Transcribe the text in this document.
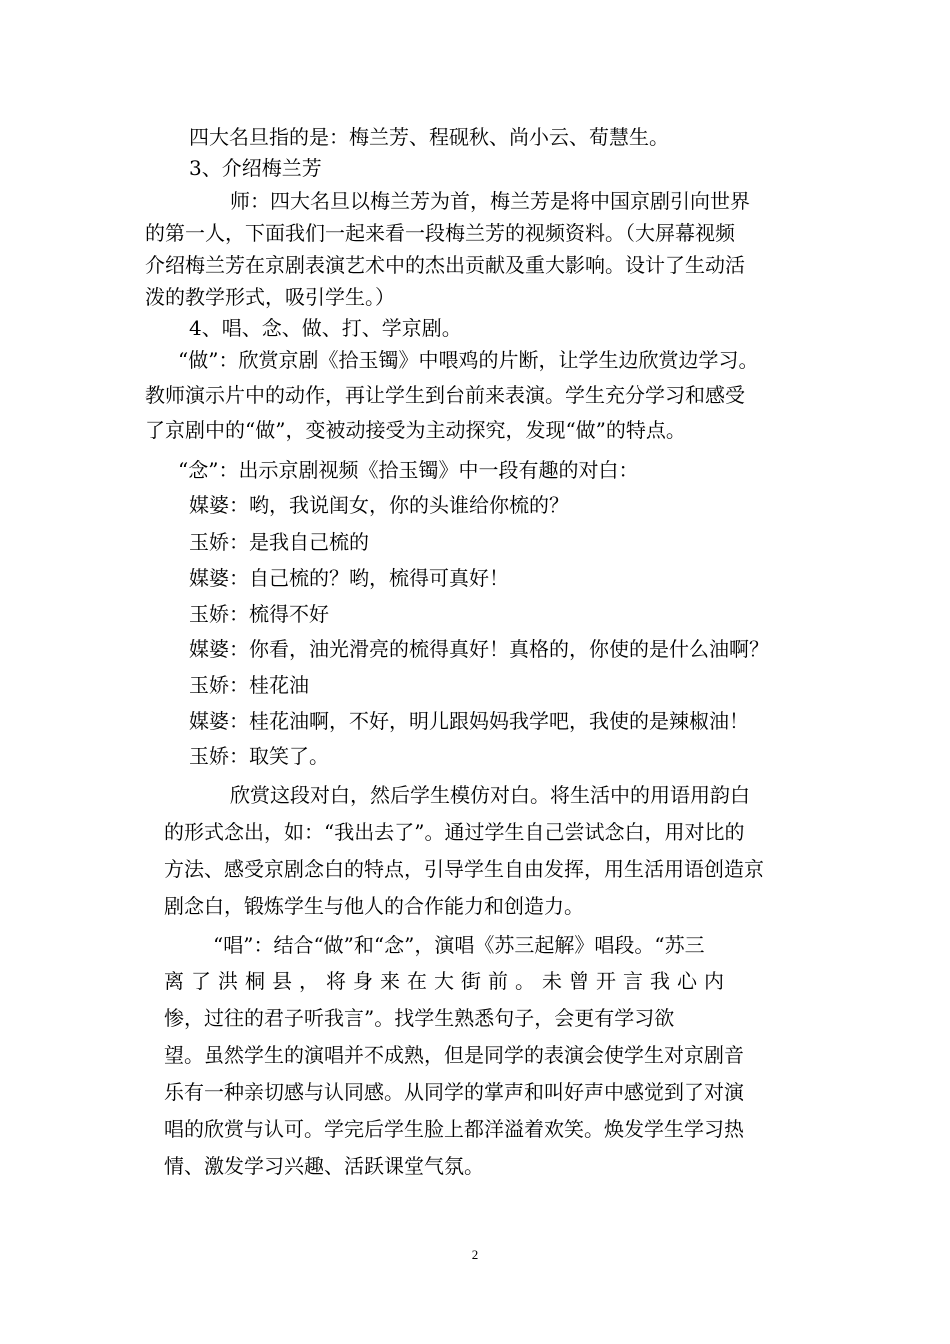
四大名旦指的是：梅兰芳、程砚秋、尚小云、荀慧生。

3、介绍梅兰芳

师：四大名旦以梅兰芳为首，梅兰芳是将中国京剧引向世界

的第一人，下面我们一起来看一段梅兰芳的视频资料。（大屏幕视频

介绍梅兰芳在京剧表演艺术中的杰出贡献及重大影响。设计了生动活

泼的教学形式，吸引学生。）

4、唱、念、做、打、学京剧。

“做”：欣赏京剧《拾玉镯》中喂鸡的片断，让学生边欣赏边学习。

教师演示片中的动作，再让学生到台前来表演。学生充分学习和感受

了京剧中的“做”，变被动接受为主动探究，发现“做”的特点。

“念”：出示京剧视频《拾玉镯》中一段有趣的对白：

媒婆：哟，我说闺女，你的头谁给你梳的？

玉娇：是我自己梳的

媒婆：自己梳的？哟，梳得可真好！

玉娇：梳得不好

媒婆：你看，油光滑亮的梳得真好！真格的，你使的是什么油啊？

玉娇：桂花油

媒婆：桂花油啊，不好，明儿跟妈妈我学吧，我使的是辣椒油！

玉娇：取笑了。

欣赏这段对白，然后学生模仿对白。将生活中的用语用韵白

的形式念出，如：“我出去了”。通过学生自己尝试念白，用对比的

方法、感受京剧念白的特点，引导学生自由发挥，用生活用语创造京

剧念白，锻炼学生与他人的合作能力和创造力。

“唱”：结合“做”和“念”，演唱《苏三起解》唱段。“苏三

离了洪桐县，将身来在大街前。未曾开言我心内

惨，过往的君子听我言”。找学生熟悉句子，会更有学习欲

望。虽然学生的演唱并不成熟，但是同学的表演会使学生对京剧音

乐有一种亲切感与认同感。从同学的掌声和叫好声中感觉到了对演

唱的欣赏与认可。学完后学生脸上都洋溢着欢笑。焕发学生学习热

情、激发学习兴趣、活跃课堂气氛。

2
